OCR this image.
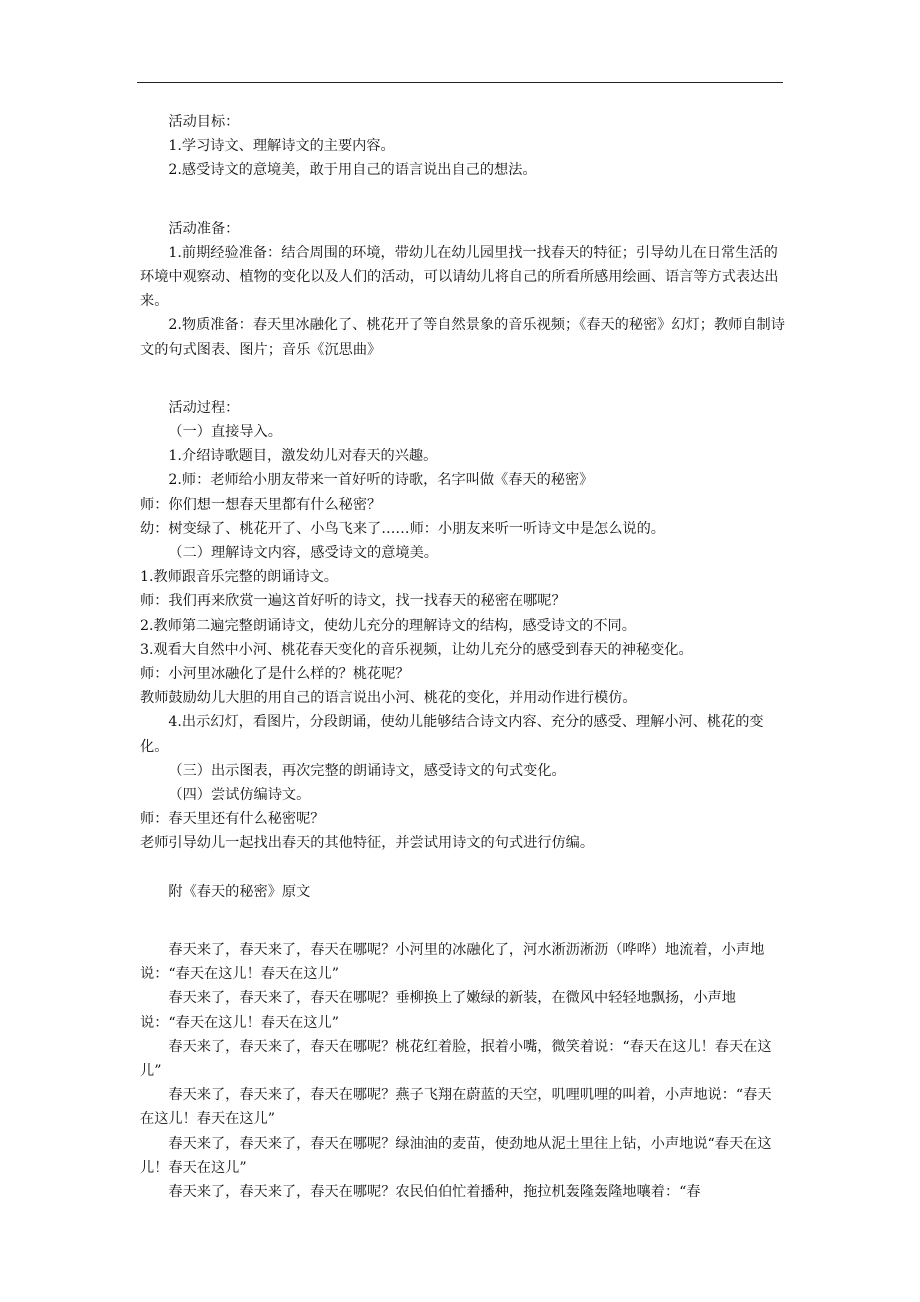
活动目标：

1.学习诗文、理解诗文的主要内容。

2.感受诗文的意境美，敢于用自己的语言说出自己的想法。

活动准备：

1.前期经验准备：结合周围的环境，带幼儿在幼儿园里找一找春天的特征；引导幼儿在日常生活的环境中观察动、植物的变化以及人们的活动，可以请幼儿将自己的所看所感用绘画、语言等方式表达出来。

2.物质准备：春天里冰融化了、桃花开了等自然景象的音乐视频；《春天的秘密》幻灯；教师自制诗文的句式图表、图片；音乐《沉思曲》

活动过程：

（一）直接导入。

1.介绍诗歌题目，激发幼儿对春天的兴趣。

2.师：老师给小朋友带来一首好听的诗歌，名字叫做《春天的秘密》

师：你们想一想春天里都有什么秘密？

幼：树变绿了、桃花开了、小鸟飞来了……师：小朋友来听一听诗文中是怎么说的。

（二）理解诗文内容，感受诗文的意境美。

1.教师跟音乐完整的朗诵诗文。

师：我们再来欣赏一遍这首好听的诗文，找一找春天的秘密在哪呢？

2.教师第二遍完整朗诵诗文，使幼儿充分的理解诗文的结构，感受诗文的不同。

3.观看大自然中小河、桃花春天变化的音乐视频，让幼儿充分的感受到春天的神秘变化。

师：小河里冰融化了是什么样的？桃花呢？

教师鼓励幼儿大胆的用自己的语言说出小河、桃花的变化，并用动作进行模仿。

4.出示幻灯，看图片，分段朗诵，使幼儿能够结合诗文内容、充分的感受、理解小河、桃花的变化。

（三）出示图表，再次完整的朗诵诗文，感受诗文的句式变化。

（四）尝试仿编诗文。

师：春天里还有什么秘密呢？

老师引导幼儿一起找出春天的其他特征，并尝试用诗文的句式进行仿编。

附《春天的秘密》原文

春天来了，春天来了，春天在哪呢？小河里的冰融化了，河水淅沥淅沥（哗哗）地流着，小声地说：“春天在这儿！春天在这儿”

春天来了，春天来了，春天在哪呢？垂柳换上了嫩绿的新装，在微风中轻轻地飘扬，小声地说：“春天在这儿！春天在这儿”

春天来了，春天来了，春天在哪呢？桃花红着脸，抿着小嘴，微笑着说：“春天在这儿！春天在这儿”

春天来了，春天来了，春天在哪呢？燕子飞翔在蔚蓝的天空，叽哩叽哩的叫着，小声地说：“春天在这儿！春天在这儿”

春天来了，春天来了，春天在哪呢？绿油油的麦苗，使劲地从泥土里往上钻，小声地说“春天在这儿！春天在这儿”

春天来了，春天来了，春天在哪呢？农民伯伯忙着播种，拖拉机轰隆轰隆地嚷着：“春
